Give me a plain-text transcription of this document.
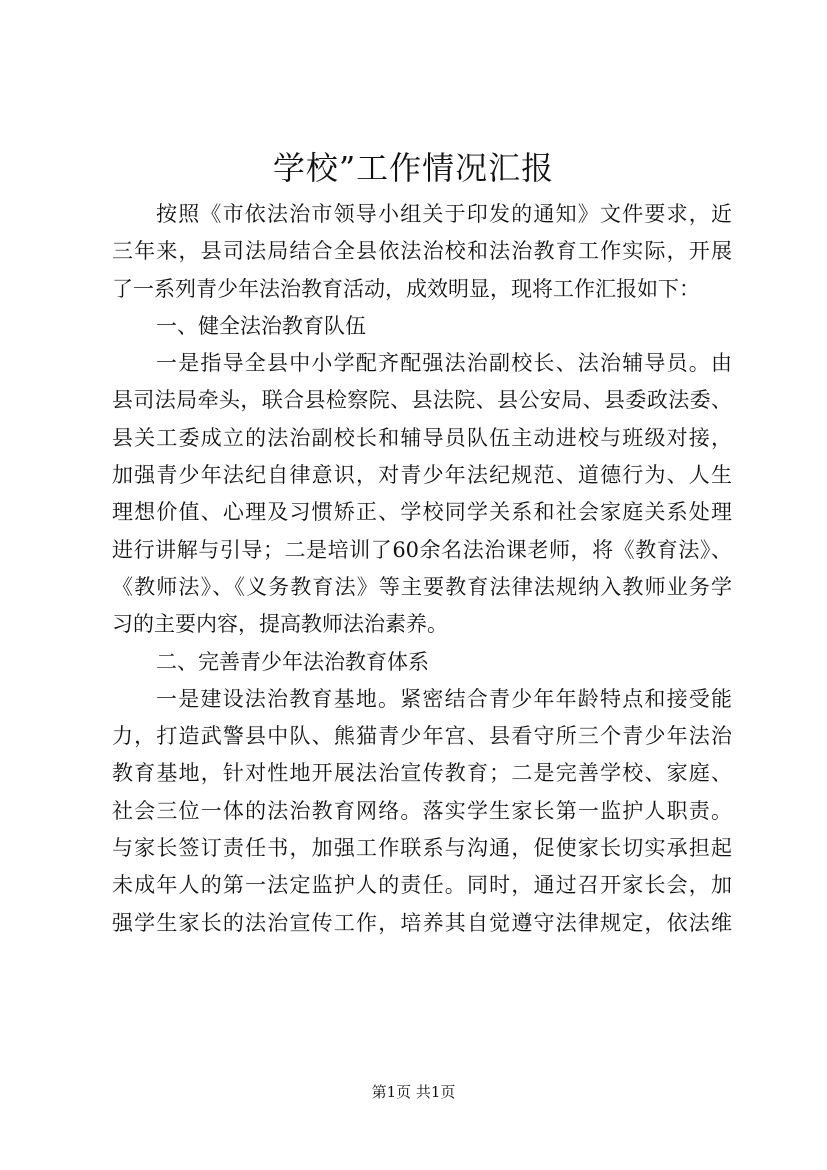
学校”工作情况汇报
按照《市依法治市领导小组关于印发的通知》文件要求，近
三年来，县司法局结合全县依法治校和法治教育工作实际，开展
了一系列青少年法治教育活动，成效明显，现将工作汇报如下：
一、健全法治教育队伍
一是指导全县中小学配齐配强法治副校长、法治辅导员。由
县司法局牵头，联合县检察院、县法院、县公安局、县委政法委、
县关工委成立的法治副校长和辅导员队伍主动进校与班级对接，
加强青少年法纪自律意识，对青少年法纪规范、道德行为、人生
理想价值、心理及习惯矫正、学校同学关系和社会家庭关系处理
进行讲解与引导；二是培训了60余名法治课老师，将《教育法》、
《教师法》、《义务教育法》等主要教育法律法规纳入教师业务学
习的主要内容，提高教师法治素养。
二、完善青少年法治教育体系
一是建设法治教育基地。紧密结合青少年年龄特点和接受能
力，打造武警县中队、熊猫青少年宫、县看守所三个青少年法治
教育基地，针对性地开展法治宣传教育；二是完善学校、家庭、
社会三位一体的法治教育网络。落实学生家长第一监护人职责。
与家长签订责任书，加强工作联系与沟通，促使家长切实承担起
未成年人的第一法定监护人的责任。同时，通过召开家长会，加
强学生家长的法治宣传工作，培养其自觉遵守法律规定，依法维
第1页 共1页
